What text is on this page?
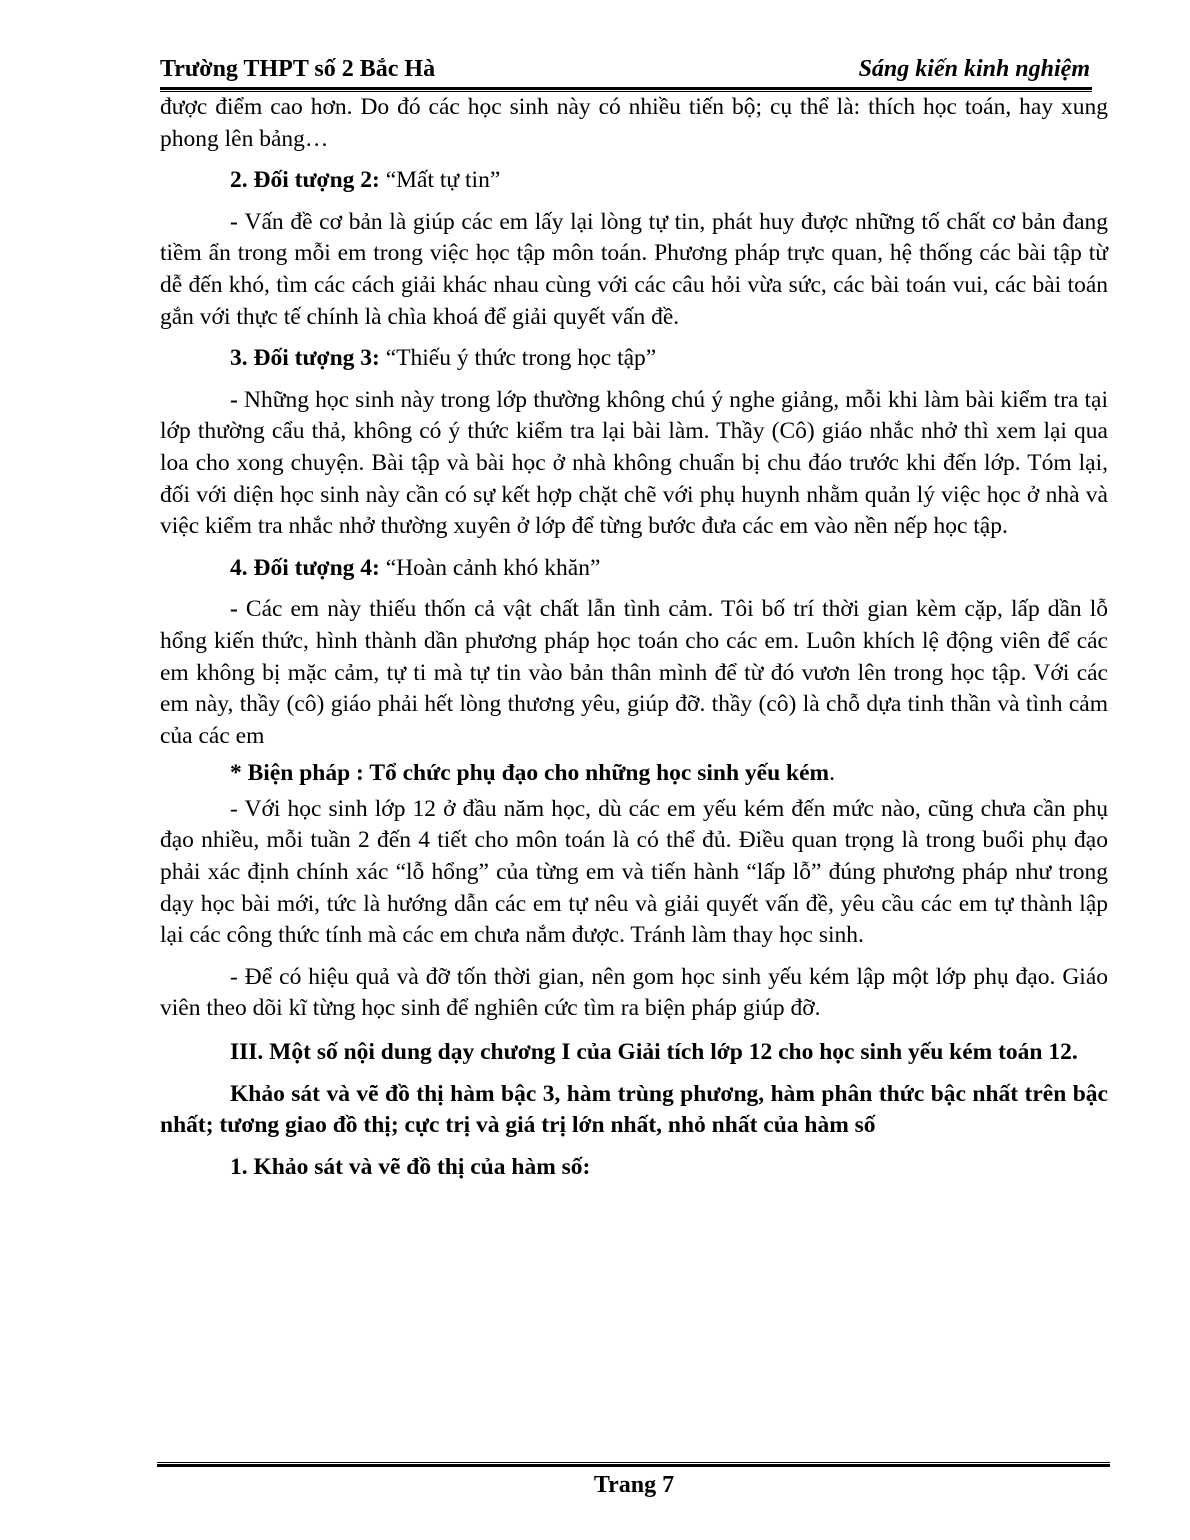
Trường THPT số 2 Bắc Hà	Sáng kiến kinh nghiệm

được điểm cao hơn. Do đó các học sinh này có nhiều tiến bộ; cụ thể là: thích học toán, hay xung phong lên bảng…

2. Đối tượng 2: “Mất tự tin”

- Vấn đề cơ bản là giúp các em lấy lại lòng tự tin, phát huy được những tố chất cơ bản đang tiềm ẩn trong mỗi em trong việc học tập môn toán. Phương pháp trực quan, hệ thống các bài tập từ dễ đến khó, tìm các cách giải khác nhau cùng với các câu hỏi vừa sức, các bài toán vui, các bài toán gắn với thực tế chính là chìa khoá để giải quyết vấn đề.

3. Đối tượng 3: “Thiếu ý thức trong học tập”

- Những học sinh này trong lớp thường không chú ý nghe giảng, mỗi khi làm bài kiểm tra tại lớp thường cẩu thả, không có ý thức kiểm tra lại bài làm. Thầy (Cô) giáo nhắc nhở thì xem lại qua loa cho xong chuyện. Bài tập và bài học ở nhà không chuẩn bị chu đáo trước khi đến lớp. Tóm lại, đối với diện học sinh này cần có sự kết hợp chặt chẽ với phụ huynh nhằm quản lý việc học ở nhà và việc kiểm tra nhắc nhở thường xuyên ở lớp để từng bước đưa các em vào nền nếp học tập.

4. Đối tượng 4: “Hoàn cảnh khó khăn”

- Các em này thiếu thốn cả vật chất lẫn tình cảm. Tôi bố trí thời gian kèm cặp, lấp dần lỗ hổng kiến thức, hình thành dần phương pháp học toán cho các em. Luôn khích lệ động viên để các em không bị mặc cảm, tự ti mà tự tin vào bản thân mình để từ đó vươn lên trong học tập. Với các em này, thầy (cô) giáo phải hết lòng thương yêu, giúp đỡ. thầy (cô) là chỗ dựa tinh thần và tình cảm của các em

* Biện pháp : Tổ chức phụ đạo cho những học sinh yếu kém.

- Với học sinh lớp 12 ở đầu năm học, dù các em yếu kém đến mức nào, cũng chưa cần phụ đạo nhiều, mỗi tuần 2 đến 4 tiết cho môn toán là có thể đủ. Điều quan trọng là trong buổi phụ đạo phải xác định chính xác “lỗ hổng” của từng em và tiến hành “lấp lỗ” đúng phương pháp như trong dạy học bài mới, tức là hướng dẫn các em tự nêu và giải quyết vấn đề, yêu cầu các em tự thành lập lại các công thức tính mà các em chưa nắm được. Tránh làm thay học sinh.

- Để có hiệu quả và đỡ tốn thời gian, nên gom học sinh yếu kém lập một lớp phụ đạo. Giáo viên theo dõi kĩ từng học sinh để nghiên cức tìm ra biện pháp giúp đỡ.

III. Một số nội dung dạy chương I của Giải tích lớp 12 cho học sinh yếu kém toán 12.

Khảo sát và vẽ đồ thị hàm bậc 3, hàm trùng phương, hàm phân thức bậc nhất trên bậc nhất; tương giao đồ thị; cực trị và giá trị lớn nhất, nhỏ nhất của hàm số

1. Khảo sát và vẽ đồ thị của hàm số:

Trang 7
